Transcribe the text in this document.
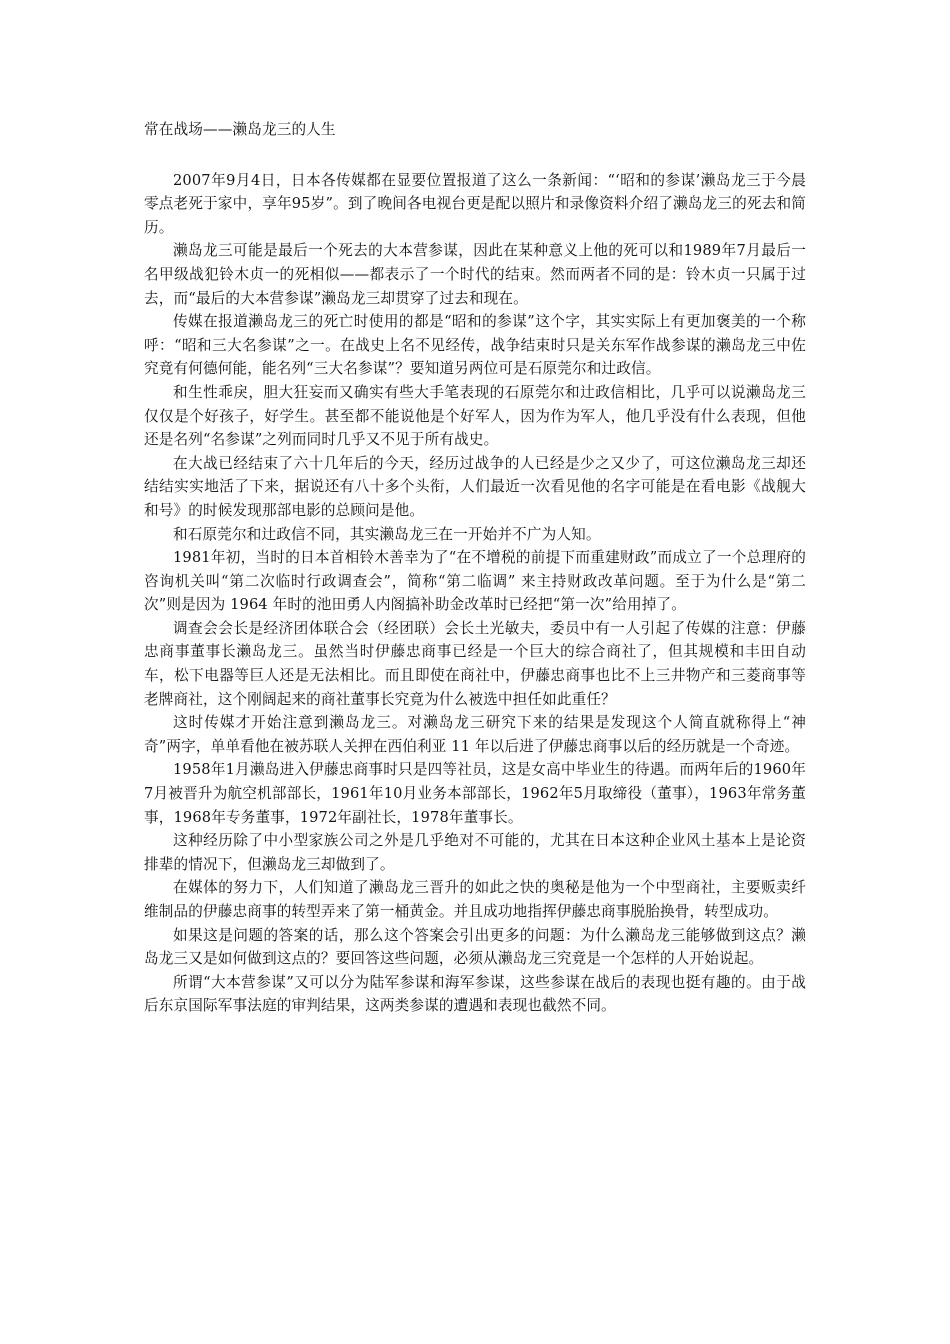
常在战场——濑岛龙三的人生

2007年9月4日，日本各传媒都在显要位置报道了这么一条新闻：“‘昭和的参谋’濑岛龙三于今晨零点老死于家中，享年95岁”。到了晚间各电视台更是配以照片和录像资料介绍了濑岛龙三的死去和简历。

濑岛龙三可能是最后一个死去的大本营参谋，因此在某种意义上他的死可以和1989年7月最后一名甲级战犯铃木贞一的死相似——都表示了一个时代的结束。然而两者不同的是：铃木贞一只属于过去，而“最后的大本营参谋”濑岛龙三却贯穿了过去和现在。

传媒在报道濑岛龙三的死亡时使用的都是“昭和的参谋”这个字，其实实际上有更加褒美的一个称呼：“昭和三大名参谋”之一。在战史上名不见经传，战争结束时只是关东军作战参谋的濑岛龙三中佐究竟有何德何能，能名列“三大名参谋”？要知道另两位可是石原莞尔和辻政信。

和生性乖戾，胆大狂妄而又确实有些大手笔表现的石原莞尔和辻政信相比，几乎可以说濑岛龙三仅仅是个好孩子，好学生。甚至都不能说他是个好军人，因为作为军人，他几乎没有什么表现，但他还是名列“名参谋”之列而同时几乎又不见于所有战史。

在大战已经结束了六十几年后的今天，经历过战争的人已经是少之又少了，可这位濑岛龙三却还结结实实地活了下来，据说还有八十多个头衔，人们最近一次看见他的名字可能是在看电影《战舰大和号》的时候发现那部电影的总顾问是他。

和石原莞尔和辻政信不同，其实濑岛龙三在一开始并不广为人知。

1981年初，当时的日本首相铃木善幸为了“在不增税的前提下而重建财政”而成立了一个总理府的咨询机关叫“第二次临时行政调查会”，简称“第二临调” 来主持财政改革问题。至于为什么是“第二次”则是因为 1964 年时的池田勇人内阁搞补助金改革时已经把“第一次”给用掉了。

调查会会长是经济团体联合会（经团联）会长土光敏夫，委员中有一人引起了传媒的注意：伊藤忠商事董事长濑岛龙三。虽然当时伊藤忠商事已经是一个巨大的综合商社了，但其规模和丰田自动车，松下电器等巨人还是无法相比。而且即使在商社中，伊藤忠商事也比不上三井物产和三菱商事等老牌商社，这个刚阔起来的商社董事长究竟为什么被选中担任如此重任？

这时传媒才开始注意到濑岛龙三。对濑岛龙三研究下来的结果是发现这个人简直就称得上“神奇”两字，单单看他在被苏联人关押在西伯利亚 11 年以后进了伊藤忠商事以后的经历就是一个奇迹。

1958年1月濑岛进入伊藤忠商事时只是四等社员，这是女高中毕业生的待遇。而两年后的1960年7月被晋升为航空机部部长，1961年10月业务本部部长，1962年5月取缔役（董事），1963年常务董事，1968年专务董事，1972年副社长，1978年董事长。

这种经历除了中小型家族公司之外是几乎绝对不可能的，尤其在日本这种企业风土基本上是论资排辈的情况下，但濑岛龙三却做到了。

在媒体的努力下，人们知道了濑岛龙三晋升的如此之快的奥秘是他为一个中型商社，主要贩卖纤维制品的伊藤忠商事的转型弄来了第一桶黄金。并且成功地指挥伊藤忠商事脱胎换骨，转型成功。

如果这是问题的答案的话，那么这个答案会引出更多的问题：为什么濑岛龙三能够做到这点？濑岛龙三又是如何做到这点的？要回答这些问题，必须从濑岛龙三究竟是一个怎样的人开始说起。

所谓“大本营参谋”又可以分为陆军参谋和海军参谋，这些参谋在战后的表现也挺有趣的。由于战后东京国际军事法庭的审判结果，这两类参谋的遭遇和表现也截然不同。
